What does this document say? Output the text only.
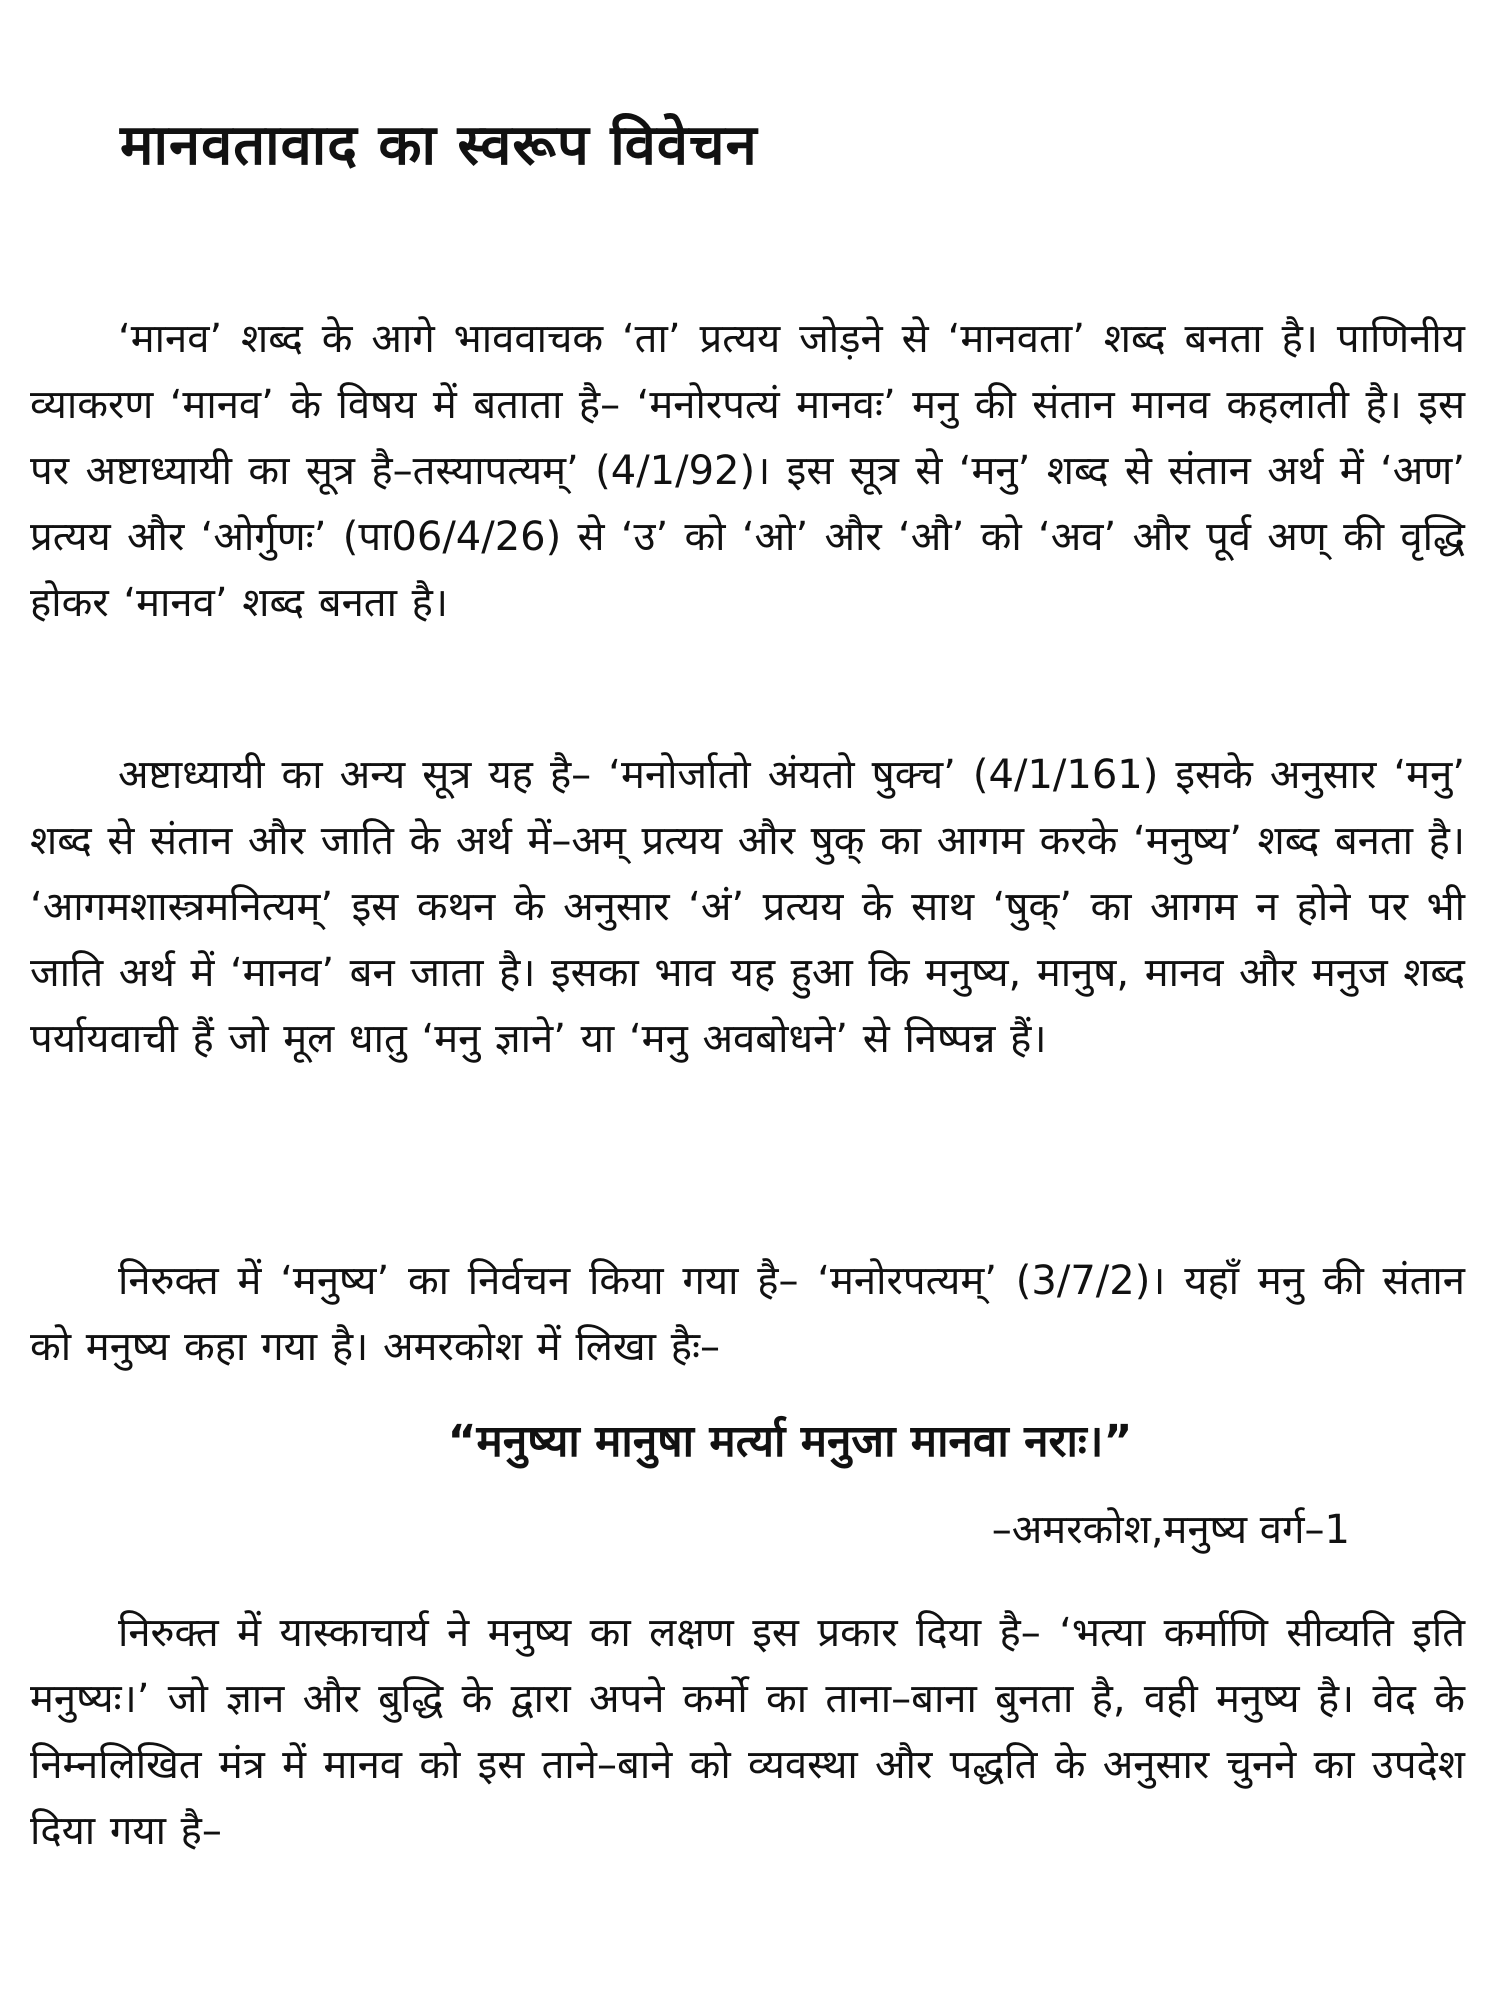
मानवतावाद का स्वरूप विवेचन

‘मानव’ शब्द के आगे भाववाचक ‘ता’ प्रत्यय जोड़ने से ‘मानवता’ शब्द बनता है। पाणिनीय व्याकरण ‘मानव’ के विषय में बताता है– ‘मनोरपत्यं मानवः’ मनु की संतान मानव कहलाती है। इस पर अष्टाध्यायी का सूत्र है–तस्यापत्यम्’ (4/1/92)। इस सूत्र से ‘मनु’ शब्द से संतान अर्थ में ‘अण’ प्रत्यय और ‘ओर्गुणः’ (पा06/4/26) से ‘उ’ को ‘ओ’ और ‘औ’ को ‘अव’ और पूर्व अण् की वृद्धि होकर ‘मानव’ शब्द बनता है।

अष्टाध्यायी का अन्य सूत्र यह है– ‘मनोर्जातो अंयतो षुक्च’ (4/1/161) इसके अनुसार ‘मनु’ शब्द से संतान और जाति के अर्थ में–अम् प्रत्यय और षुक् का आगम करके ‘मनुष्य’ शब्द बनता है। ‘आगमशास्त्रमनित्यम्’ इस कथन के अनुसार ‘अं’ प्रत्यय के साथ ‘षुक्’ का आगम न होने पर भी जाति अर्थ में ‘मानव’ बन जाता है। इसका भाव यह हुआ कि मनुष्य, मानुष, मानव और मनुज शब्द पर्यायवाची हैं जो मूल धातु ‘मनु ज्ञाने’ या ‘मनु अवबोधने’ से निष्पन्न हैं।

निरुक्त में ‘मनुष्य’ का निर्वचन किया गया है– ‘मनोरपत्यम्’ (3/7/2)। यहाँ मनु की संतान को मनुष्य कहा गया है। अमरकोश में लिखा हैः–

“मनुष्या मानुषा मर्त्या मनुजा मानवा नराः।”

–अमरकोश,मनुष्य वर्ग–1

निरुक्त में यास्काचार्य ने मनुष्य का लक्षण इस प्रकार दिया है– ‘भत्या कर्माणि सीव्यति इति मनुष्यः।’ जो ज्ञान और बुद्धि के द्वारा अपने कर्मो का ताना–बाना बुनता है, वही मनुष्य है। वेद के निम्नलिखित मंत्र में मानव को इस ताने–बाने को व्यवस्था और पद्धति के अनुसार चुनने का उपदेश दिया गया है–
